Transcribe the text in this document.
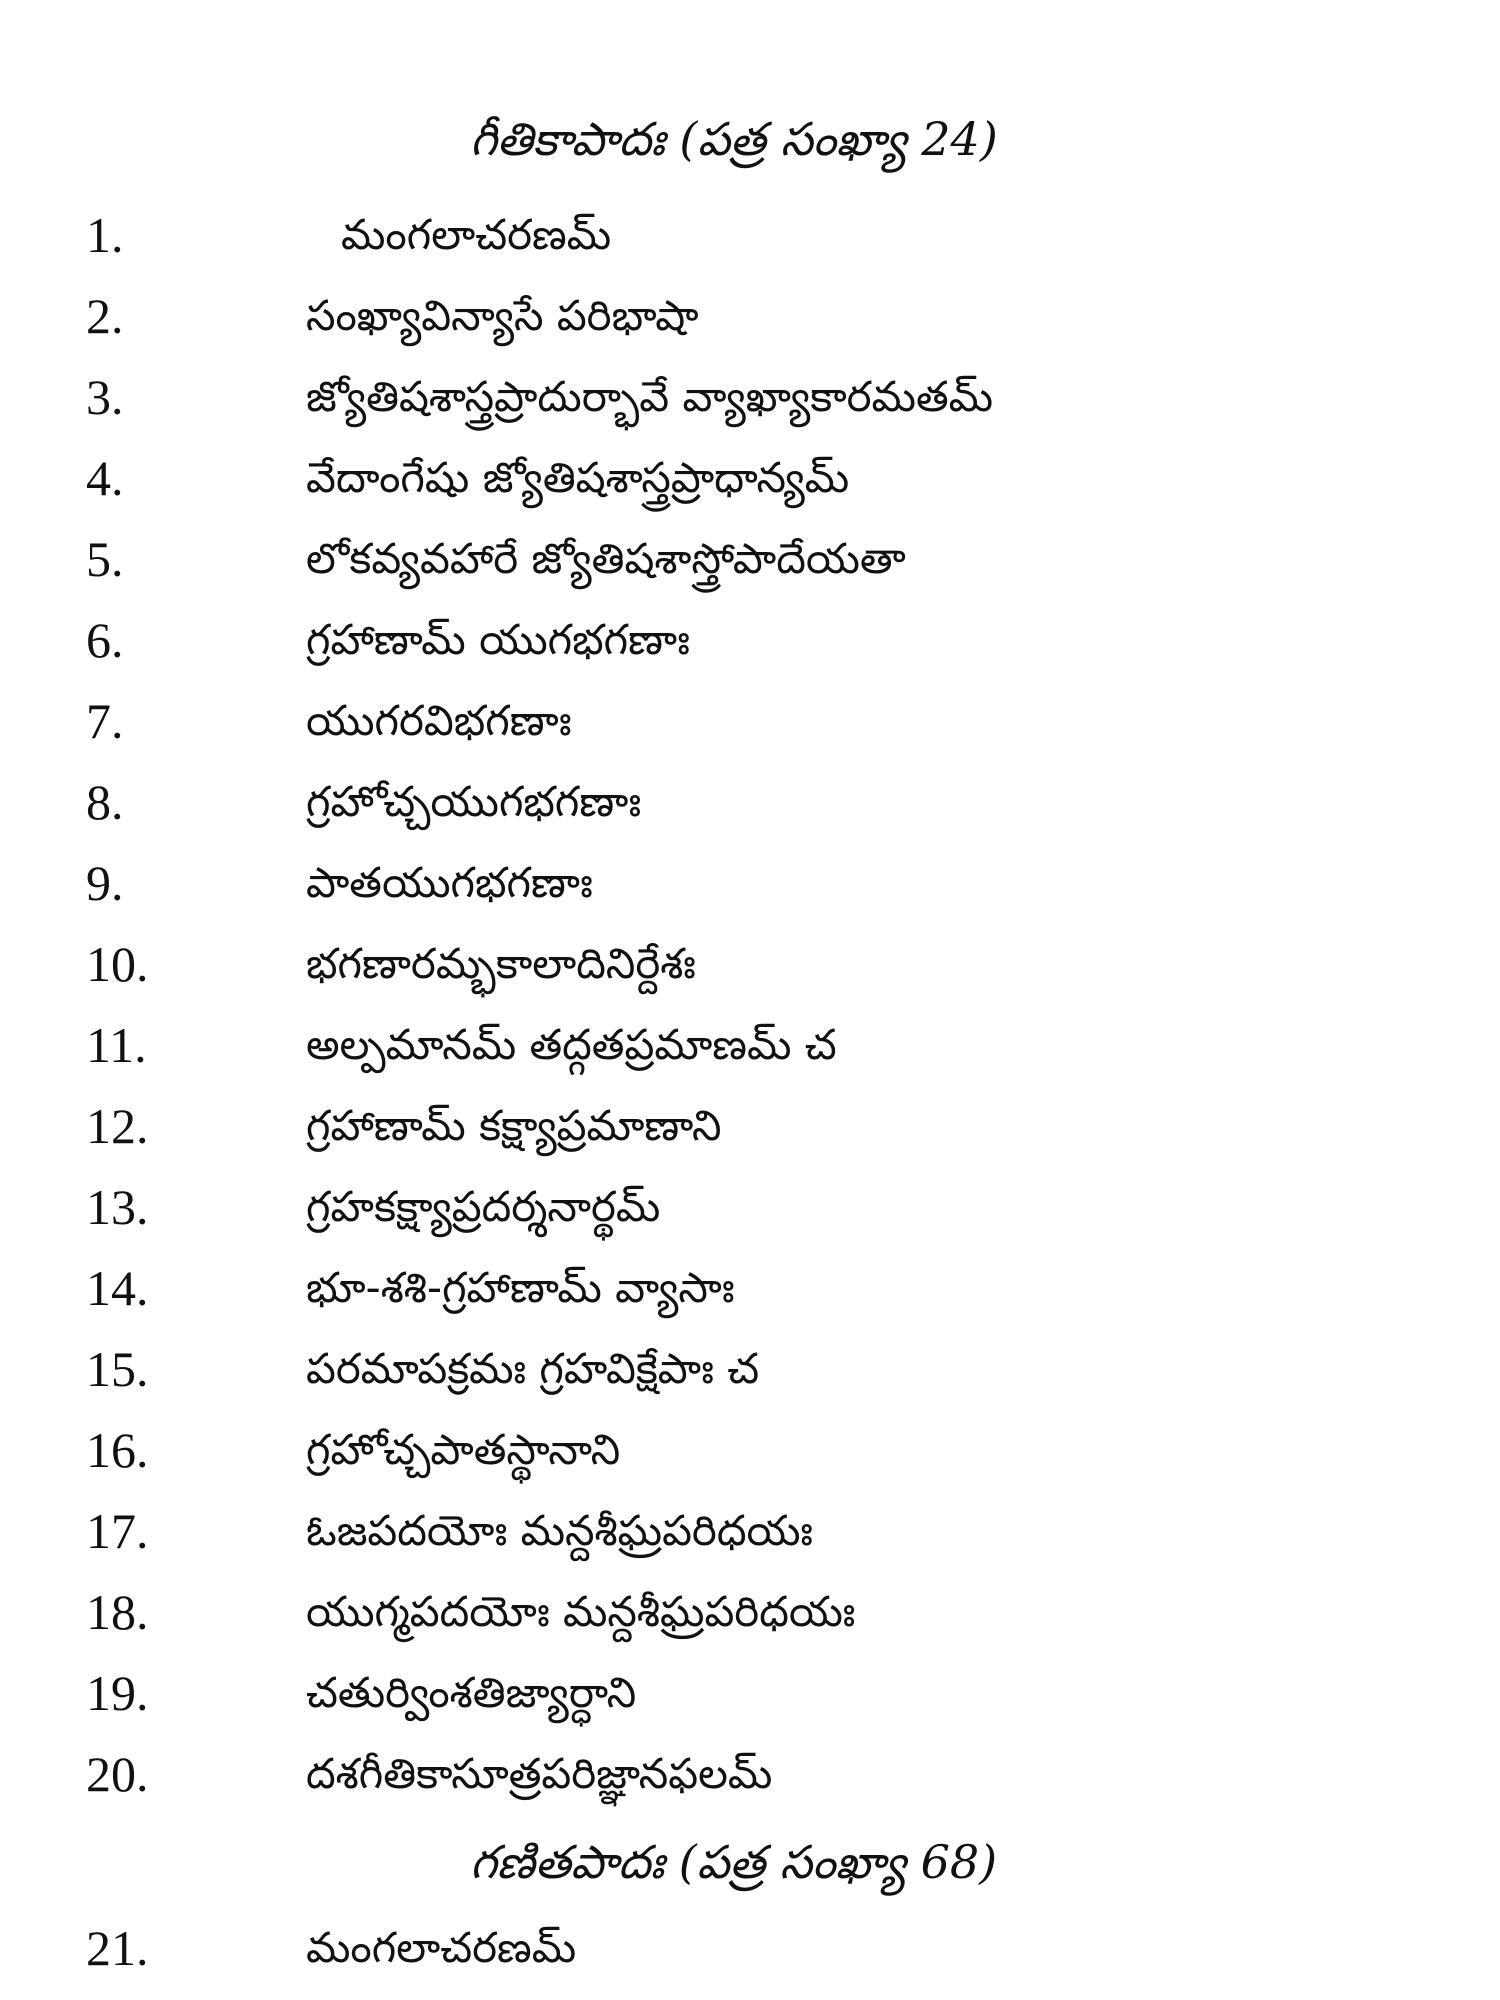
గీతికాపాదః (పత్ర సంఖ్యా 24)
1.	మంగలాచరణమ్
2.	సంఖ్యావిన్యాసే పరిభాషా
3.	జ్యోతిషశాస్త్రప్రాదుర్భావే వ్యాఖ్యాకారమతమ్
4.	వేదాంగేషు జ్యోతిషశాస్త్రప్రాధాన్యమ్
5.	లోకవ్యవహారే జ్యోతిషశాస్త్రోపాదేయతా
6.	గ్రహాణామ్ యుగభగణాః
7.	యుగరవిభగణాః
8.	గ్రహోచ్చయుగభగణాః
9.	పాతయుగభగణాః
10.	భగణారమ్భకాలాదినిర్దేశః
11.	అల్పమానమ్ తద్గతప్రమాణమ్ చ
12.	గ్రహాణామ్ కక్ష్యాప్రమాణాని
13.	గ్రహకక్ష్యాప్రదర్శనార్థమ్
14.	భూ-శశి-గ్రహాణామ్ వ్యాసాః
15.	పరమాపక్రమః గ్రహవిక్షేపాః చ
16.	గ్రహోచ్చపాతస్థానాని
17.	ఓజపదయోః మన్దశీఘ్రపరిధయః
18.	యుగ్మపదయోః మన్దశీఘ్రపరిధయః
19.	చతుర్వింశతిజ్యార్ధాని
20.	దశగీతికాసూత్రపరిజ్ఞానఫలమ్
గణితపాదః (పత్ర సంఖ్యా 68)
21.	మంగలాచరణమ్
